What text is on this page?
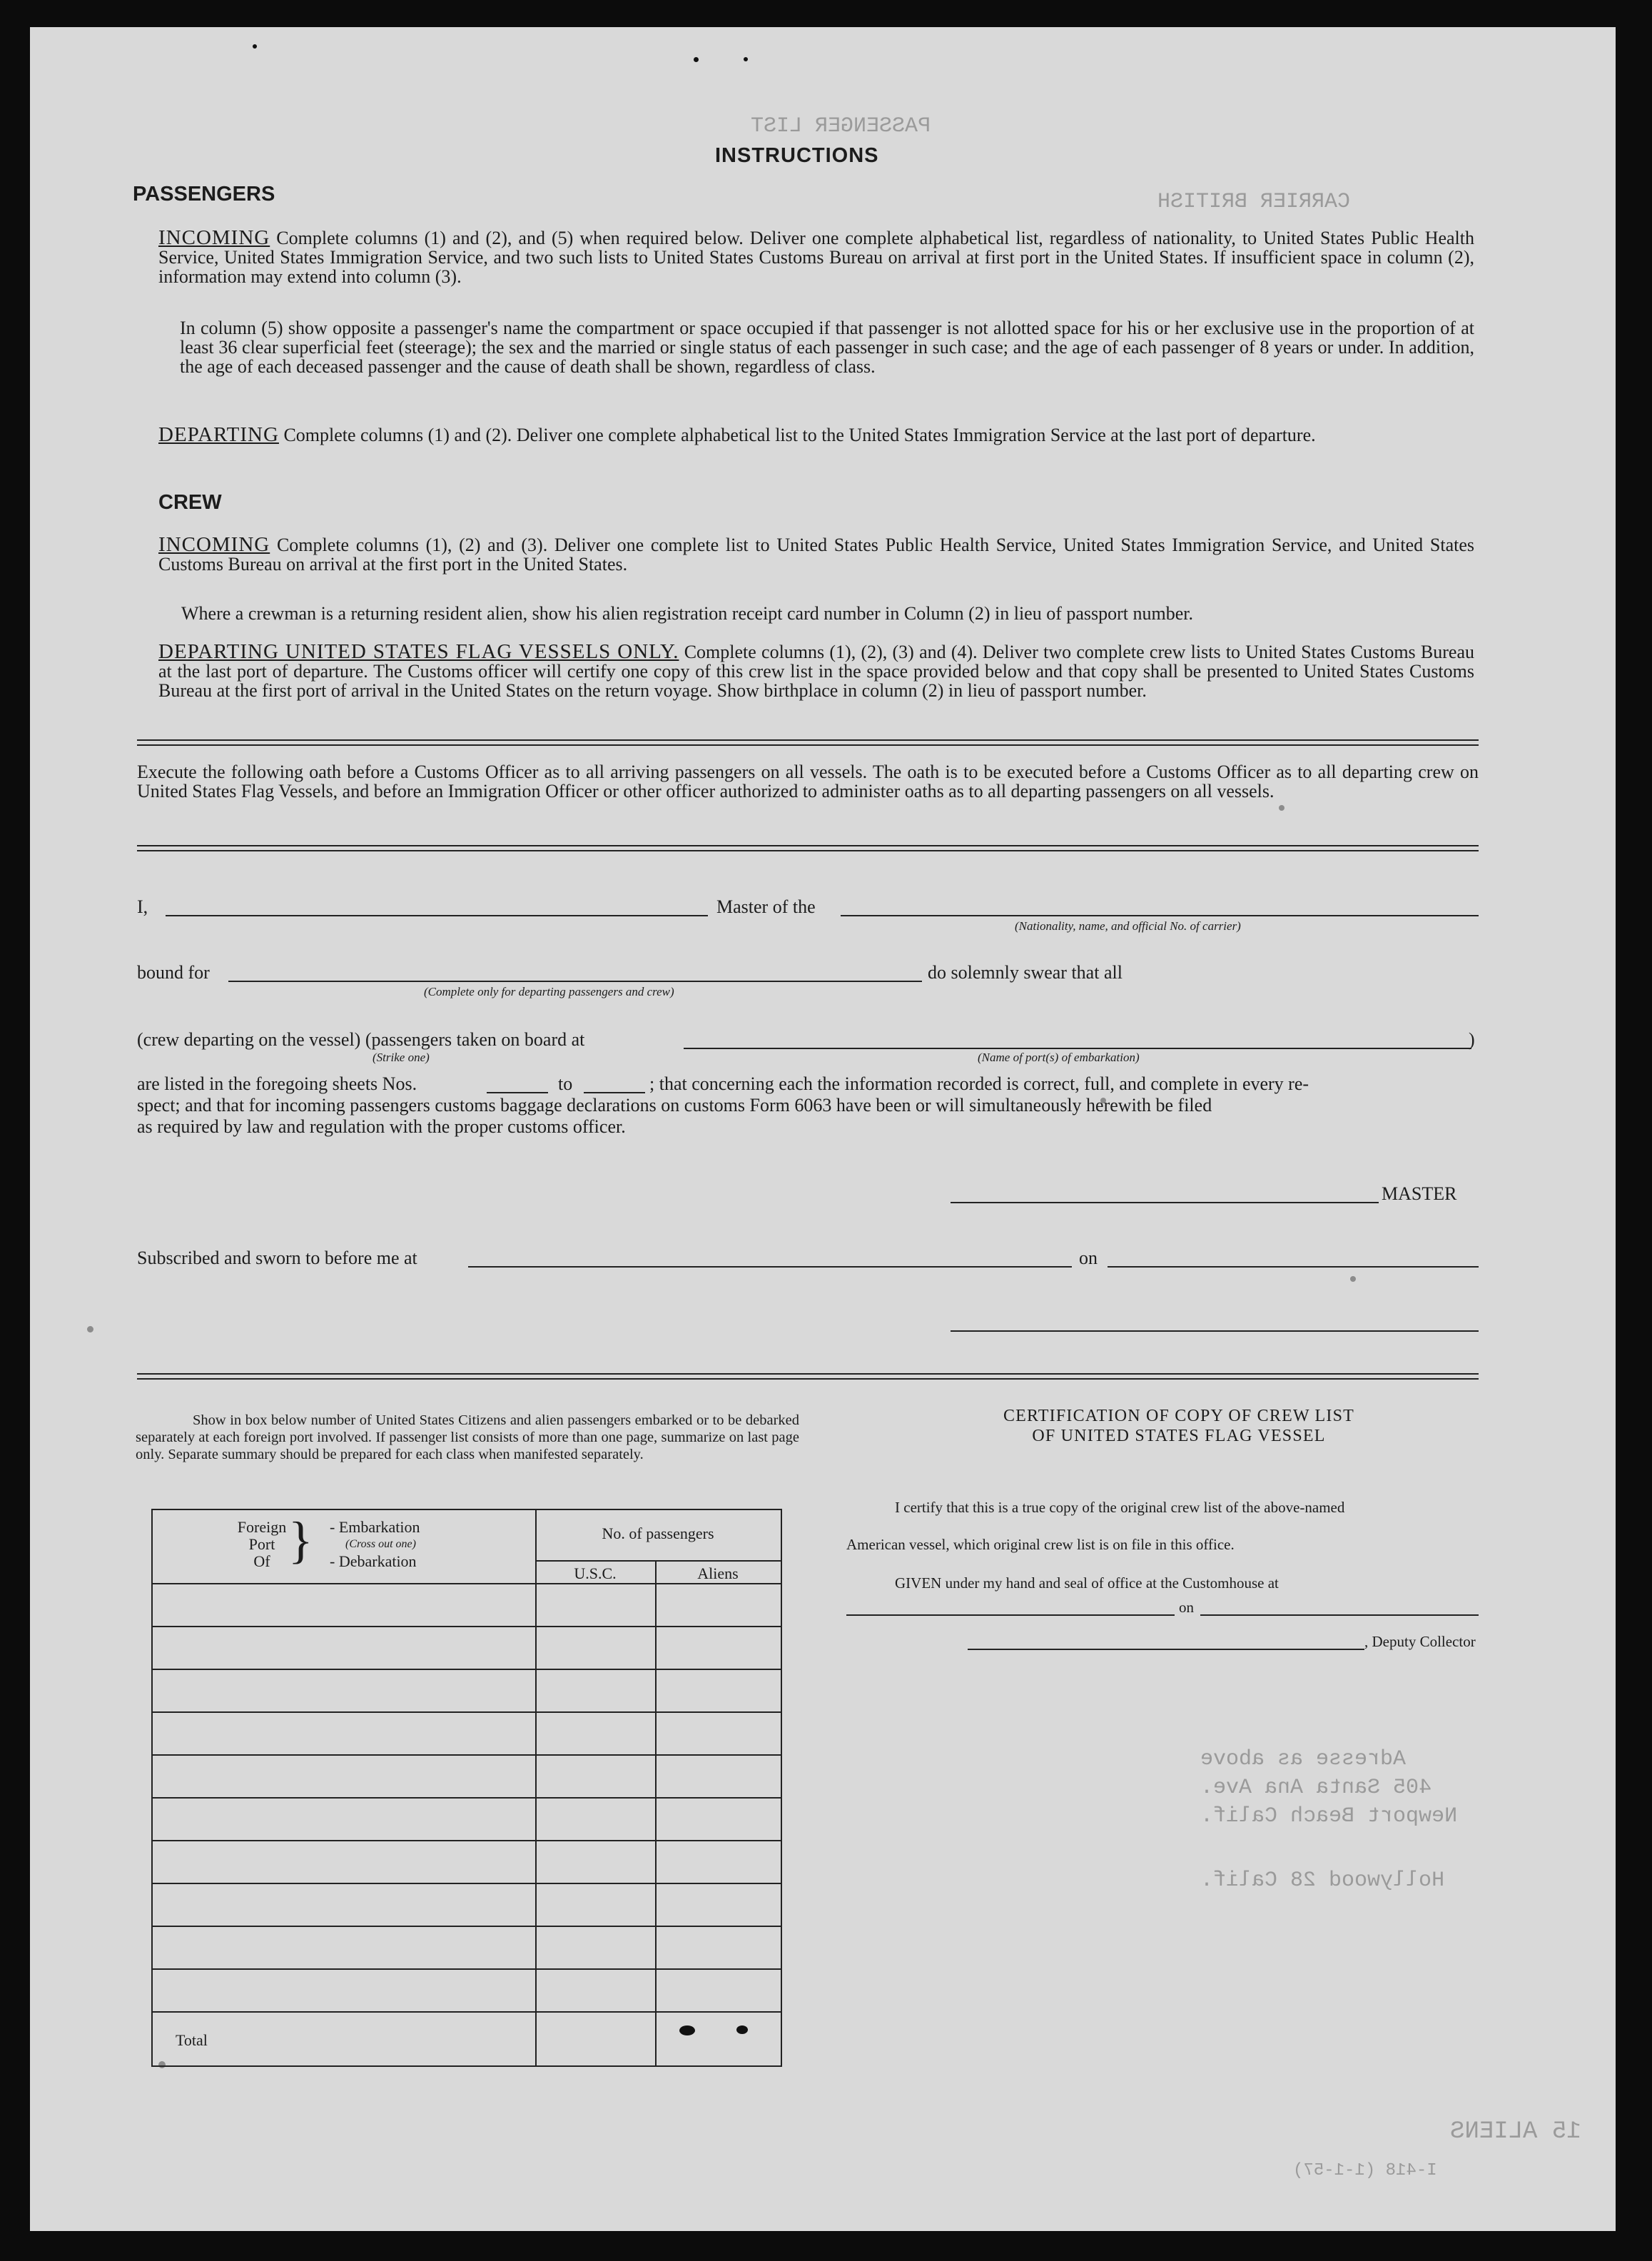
PASSENGER LIST
CARRIER BRITISH
Adresse as above
405 Santa Ana Ave.
Newport Beach Calif.
Hollywood 28 Calif.
15 ALIENS
I-418 (1-1-57)
INSTRUCTIONS
PASSENGERS
INCOMING Complete columns (1) and (2), and (5) when required below. Deliver one complete alphabetical list, regardless of nationality, to United States Public Health Service, United States Immigration Service, and two such lists to United States Customs Bureau on arrival at first port in the United States. If insufficient space in column (2), information may extend into column (3).
In column (5) show opposite a passenger's name the compartment or space occupied if that passenger is not allotted space for his or her exclusive use in the proportion of at least 36 clear superficial feet (steerage); the sex and the married or single status of each passenger in such case; and the age of each passenger of 8 years or under. In addition, the age of each deceased passenger and the cause of death shall be shown, regardless of class.
DEPARTING Complete columns (1) and (2). Deliver one complete alphabetical list to the United States Immigration Service at the last port of departure.
CREW
INCOMING Complete columns (1), (2) and (3). Deliver one complete list to United States Public Health Service, United States Immigration Service, and United States Customs Bureau on arrival at the first port in the United States.
Where a crewman is a returning resident alien, show his alien registration receipt card number in Column (2) in lieu of passport number.
DEPARTING UNITED STATES FLAG VESSELS ONLY. Complete columns (1), (2), (3) and (4). Deliver two complete crew lists to United States Customs Bureau at the last port of departure. The Customs officer will certify one copy of this crew list in the space provided below and that copy shall be presented to United States Customs Bureau at the first port of arrival in the United States on the return voyage. Show birthplace in column (2) in lieu of passport number.
Execute the following oath before a Customs Officer as to all arriving passengers on all vessels. The oath is to be executed before a Customs Officer as to all departing crew on United States Flag Vessels, and before an Immigration Officer or other officer authorized to administer oaths as to all departing passengers on all vessels.
I,	Master of the
(Nationality, name, and official No. of carrier)
bound for
(Complete only for departing passengers and crew)
do solemnly swear that all
(crew departing on the vessel) (passengers taken on board at
(Strike one)	(Name of port(s) of embarkation)
)
are listed in the foregoing sheets Nos.	to	; that concerning each the information recorded is correct, full, and complete in every re-
spect; and that for incoming passengers customs baggage declarations on customs Form 6063 have been or will simultaneously herewith be filed
as required by law and regulation with the proper customs officer.
MASTER
Subscribed and sworn to before me at	on
Show in box below number of United States Citizens and alien passengers embarked or to be debarked separately at each foreign port involved. If passenger list consists of more than one page, summarize on last page only. Separate summary should be prepared for each class when manifested separately.
Foreign
Port
Of } - Embarkation
(Cross out one)
- Debarkation
No. of passengers
U.S.C.	Aliens
Total
CERTIFICATION OF COPY OF CREW LIST
OF UNITED STATES FLAG VESSEL
I certify that this is a true copy of the original crew list of the above-named
American vessel, which original crew list is on file in this office.
GIVEN under my hand and seal of office at the Customhouse at
on
, Deputy Collector
